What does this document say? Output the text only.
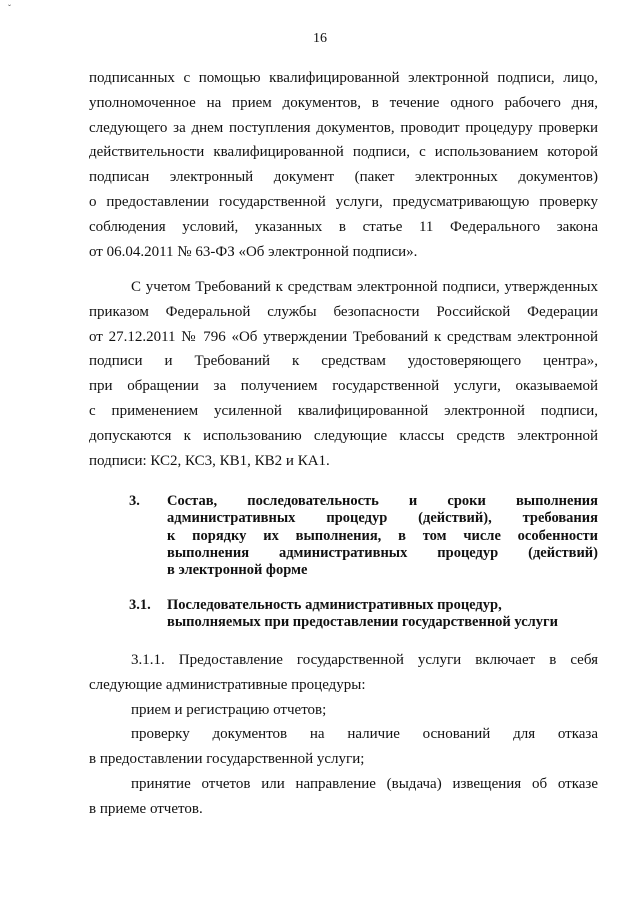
ˇ
16
подписанных с помощью квалифицированной электронной подписи, лицо,
уполномоченное на прием документов, в течение одного рабочего дня,
следующего за днем поступления документов, проводит процедуру проверки
действительности квалифицированной подписи, с использованием которой
подписан электронный документ (пакет электронных документов)
о предоставлении государственной услуги, предусматривающую проверку
соблюдения условий, указанных в статье 11 Федерального закона
от 06.04.2011 № 63-ФЗ «Об электронной подписи».
С учетом Требований к средствам электронной подписи, утвержденных
приказом Федеральной службы безопасности Российской Федерации
от 27.12.2011 № 796 «Об утверждении Требований к средствам электронной
подписи и Требований к средствам удостоверяющего центра»,
при обращении за получением государственной услуги, оказываемой
с применением усиленной квалифицированной электронной подписи,
допускаются к использованию следующие классы средств электронной
подписи: КС2, КС3, КВ1, КВ2 и КА1.
3. Состав, последовательность и сроки выполнения
административных процедур (действий), требования
к порядку их выполнения, в том числе особенности
выполнения административных процедур (действий)
в электронной форме
3.1. Последовательность административных процедур,
выполняемых при предоставлении государственной услуги
3.1.1. Предоставление государственной услуги включает в себя
следующие административные процедуры:
прием и регистрацию отчетов;
проверку документов на наличие оснований для отказа
в предоставлении государственной услуги;
принятие отчетов или направление (выдача) извещения об отказе
в приеме отчетов.
